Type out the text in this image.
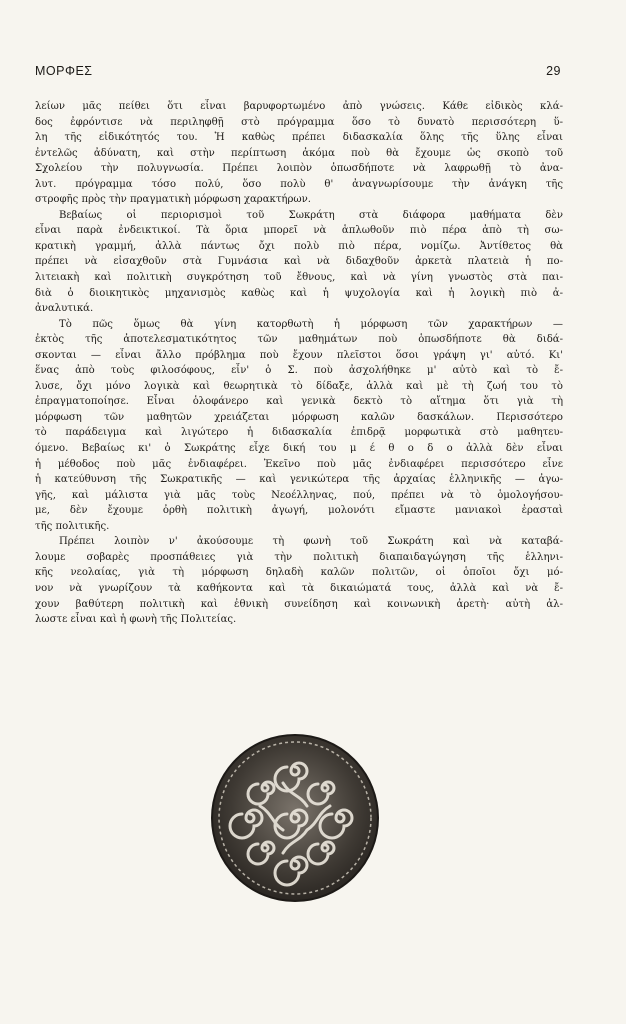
ΜΟΡΦΕΣ	29
λείων μᾶς πείθει ὅτι εἶναι βαρυφορτωμένο ἀπὸ γνώσεις. Κάθε εἰδικὸς κλά-
δος ἐφρόντισε νὰ περιληφθῇ στὸ πρόγραμμα ὅσο τὸ δυνατὸ περισσότερη ὕ-
λη τῆς εἰδικότητός του. Ἡ καθὼς πρέπει διδασκαλία ὅλης τῆς ὕλης εἶναι
ἐντελῶς ἀδύνατη, καὶ στὴν περίπτωση ἀκόμα ποὺ θὰ ἔχουμε ὡς σκοπὸ τοῦ
Σχολείου τὴν πολυγνωσία. Πρέπει λοιπὸν ὁπωσδήποτε νὰ λαφρωθῇ τὸ ἀνα-
λυτ. πρόγραμμα τόσο πολύ, ὅσο πολὺ θ' ἀναγνωρίσουμε τὴν ἀνάγκη τῆς
στροφῆς πρὸς τὴν πραγματικὴ μόρφωση χαρακτήρων.
Βεβαίως οἱ περιορισμοὶ τοῦ Σωκράτη στὰ διάφορα μαθήματα δὲν
εἶναι παρὰ ἐνδεικτικοί. Τὰ ὅρια μπορεῖ νὰ ἁπλωθοῦν πιὸ πέρα ἀπὸ τὴ σω-
κρατικὴ γραμμή, ἀλλὰ πάντως ὄχι πολὺ πιὸ πέρα, νομίζω. Ἀντίθετος θὰ
πρέπει νὰ εἰσαχθοῦν στὰ Γυμνάσια καὶ νὰ διδαχθοῦν ἀρκετὰ πλατειὰ ἡ πο-
λιτειακὴ καὶ πολιτικὴ συγκρότηση τοῦ ἔθνους, καὶ νὰ γίνη γνωστὸς στὰ παι-
διὰ ὁ διοικητικὸς μηχανισμὸς καθὼς καὶ ἡ ψυχολογία καὶ ἡ λογικὴ πιὸ ἀ-
ἀναλυτικά.
Τὸ πῶς ὅμως θὰ γίνη κατορθωτὴ ἡ μόρφωση τῶν χαρακτήρων —
ἐκτὸς τῆς ἀποτελεσματικότητος τῶν μαθημάτων ποὺ ὁπωσδήποτε θὰ διδά-
σκονται — εἶναι ἄλλο πρόβλημα ποὺ ἔχουν πλεῖστοι ὅσοι γράψη γι' αὐτό. Κι'
ἕνας ἀπὸ τοὺς φιλοσόφους, εἶν' ὁ Σ. ποὺ ἀσχολήθηκε μ' αὐτὸ καὶ τὸ ἔ-
λυσε, ὄχι μόνο λογικὰ καὶ θεωρητικὰ τὸ δίδαξε, ἀλλὰ καὶ μὲ τὴ ζωή του τὸ
ἐπραγματοποίησε. Εἶναι ὁλοφάνερο καὶ γενικὰ δεκτὸ τὸ αἴτημα ὅτι γιὰ τὴ
μόρφωση τῶν μαθητῶν χρειάζεται μόρφωση καλῶν δασκάλων. Περισσότερο
τὸ παράδειγμα καὶ λιγώτερο ἡ διδασκαλία ἐπιδρᾷ μορφωτικὰ στὸ μαθητευ-
όμενο. Βεβαίως κι' ὁ Σωκράτης εἶχε δική του μ έ θ ο δ ο ἀλλὰ δὲν εἶναι
ἡ μέθοδος ποὺ μᾶς ἐνδιαφέρει. Ἐκεῖνο ποὺ μᾶς ἐνδιαφέρει περισσότερο εἶνε
ἡ κατεύθυνση τῆς Σωκρατικῆς — καὶ γενικώτερα τῆς ἀρχαίας ἑλληνικῆς — ἀγω-
γῆς, καὶ μάλιστα γιὰ μᾶς τοὺς Νεοέλληνας, πού, πρέπει νὰ τὸ ὁμολογήσου-
με, δὲν ἔχουμε ὀρθὴ πολιτικὴ ἀγωγή, μολονότι εἴμαστε μανιακοὶ ἐρασταὶ
τῆς πολιτικῆς.
Πρέπει λοιπὸν ν' ἀκούσουμε τὴ φωνὴ τοῦ Σωκράτη καὶ νὰ καταβά-
λουμε σοβαρὲς προσπάθειες γιὰ τὴν πολιτικὴ διαπαιδαγώγηση τῆς ἑλληνι-
κῆς νεολαίας, γιὰ τὴ μόρφωση δηλαδὴ καλῶν πολιτῶν, οἱ ὁποῖοι ὄχι μό-
νον νὰ γνωρίζουν τὰ καθήκοντα καὶ τὰ δικαιώματά τους, ἀλλὰ καὶ νὰ ἔ-
χουν βαθύτερη πολιτικὴ καὶ ἐθνικὴ συνείδηση καὶ κοινωνικὴ ἀρετὴ· αὐτὴ ἀλ-
λωστε εἶναι καὶ ἡ φωνὴ τῆς Πολιτείας.
